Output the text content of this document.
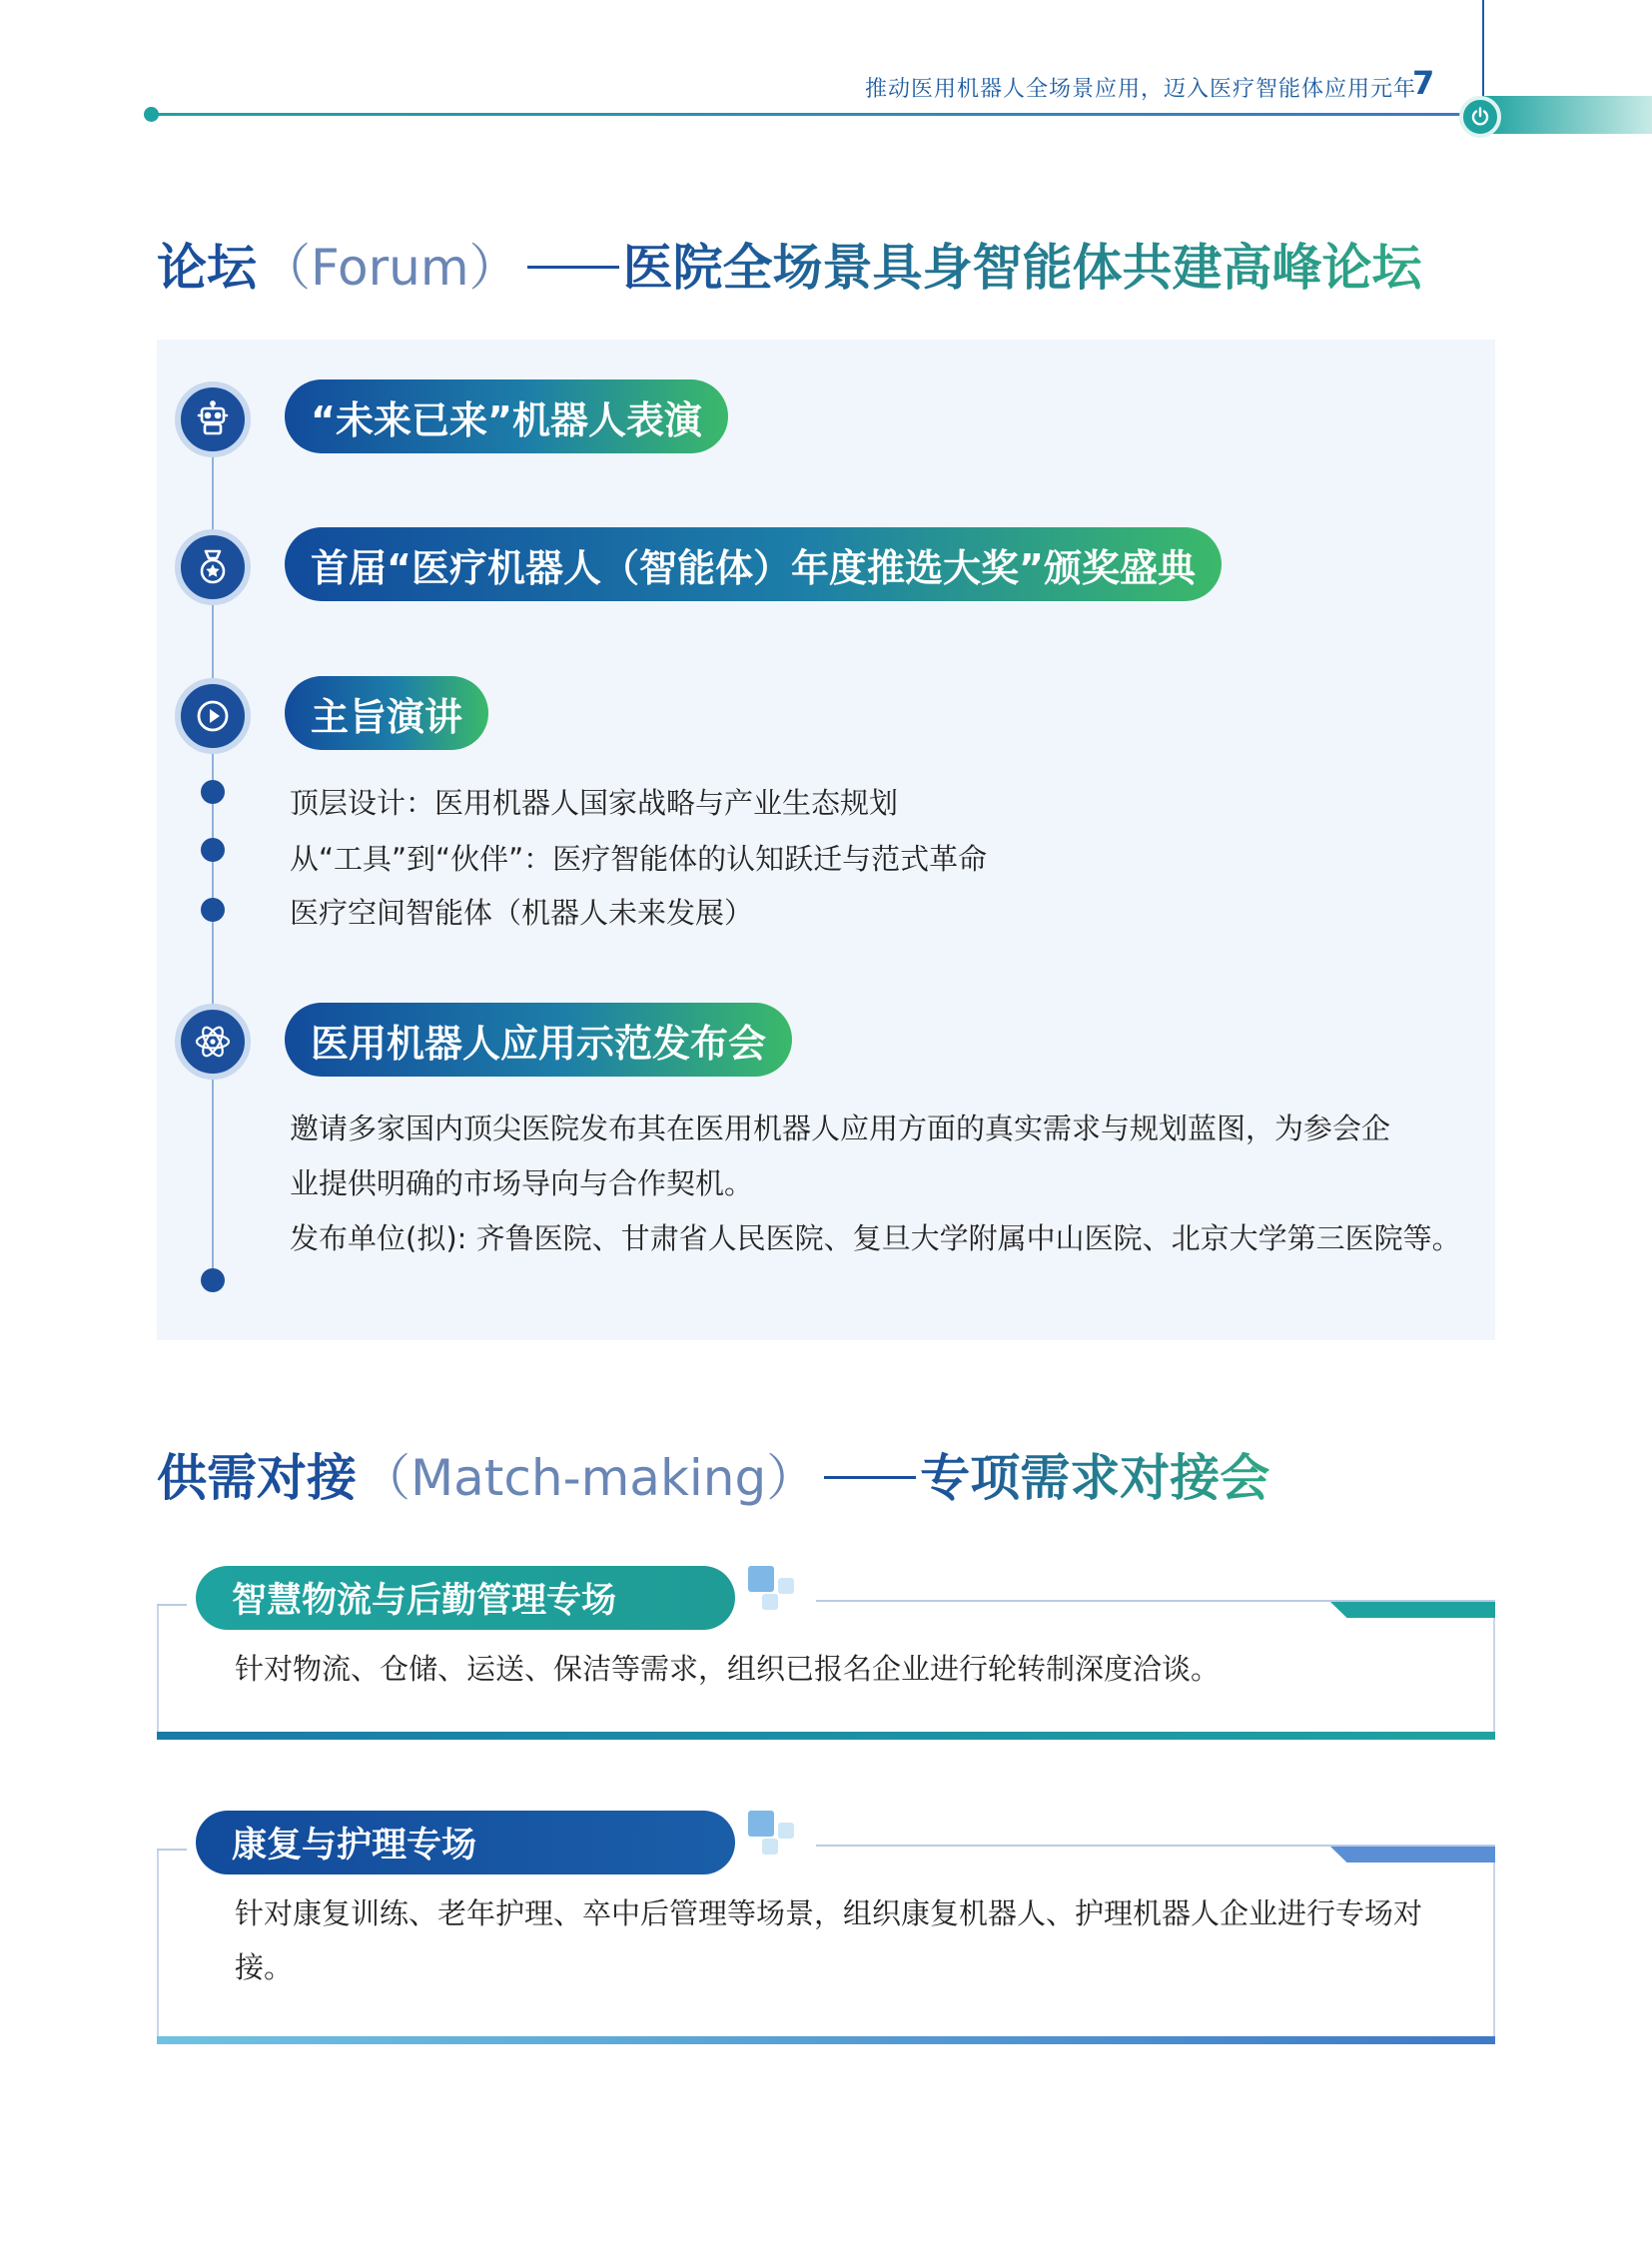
推动医用机器人全场景应用，迈入医疗智能体应用元年
7
论坛 （Forum） 医院全场景具身智能体共建高峰论坛
“未来已来”机器人表演
首届“医疗机器人（智能体）年度推选大奖”颁奖盛典
主旨演讲
顶层设计：医用机器人国家战略与产业生态规划
从“工具”到“伙伴”：医疗智能体的认知跃迁与范式革命
医疗空间智能体（机器人未来发展）
医用机器人应用示范发布会
邀请多家国内顶尖医院发布其在医用机器人应用方面的真实需求与规划蓝图，为参会企
业提供明确的市场导向与合作契机。
发布单位(拟): 齐鲁医院、甘肃省人民医院、复旦大学附属中山医院、北京大学第三医院等。
供需对接 （Match-making） 专项需求对接会
智慧物流与后勤管理专场
针对物流、仓储、运送、保洁等需求，组织已报名企业进行轮转制深度洽谈。
康复与护理专场
针对康复训练、老年护理、卒中后管理等场景，组织康复机器人、护理机器人企业进行专场对接。
